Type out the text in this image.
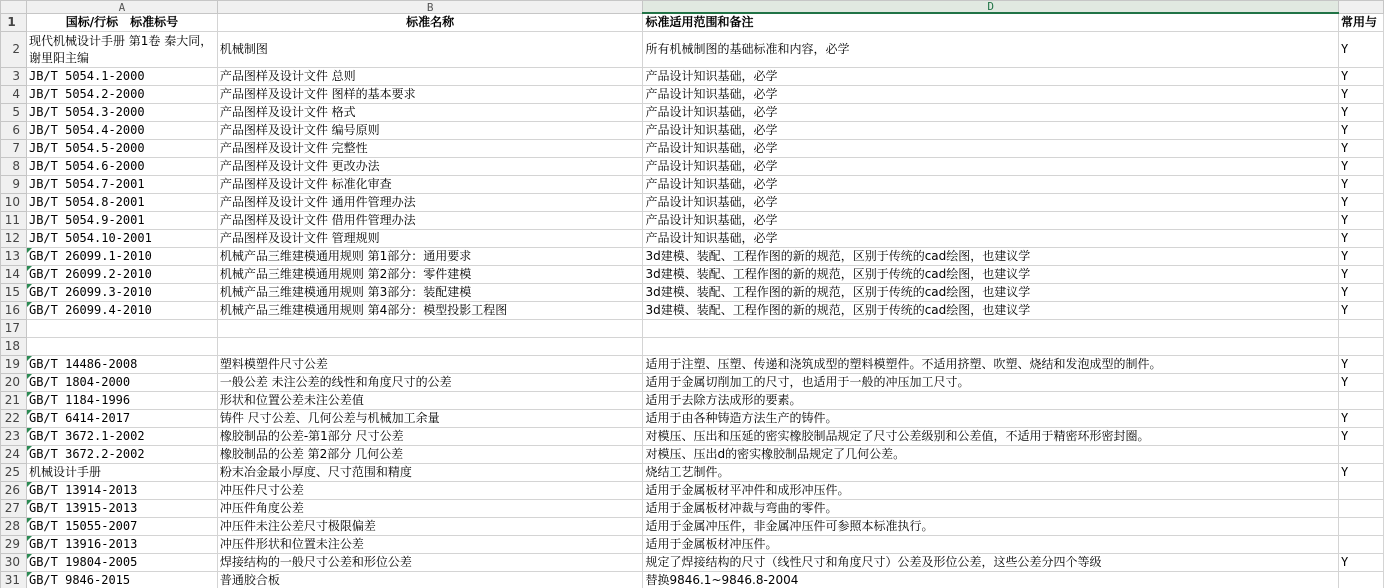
	A	B	D	
1	国标/行标　标准标号	标准名称	标准适用范围和备注	常用与
2	现代机械设计手册 第1卷 秦大同，谢里阳主编	机械制图	所有机械制图的基础标准和内容，必学	Y
3	JB/T 5054.1-2000	产品图样及设计文件 总则	产品设计知识基础，必学	Y
4	JB/T 5054.2-2000	产品图样及设计文件 图样的基本要求	产品设计知识基础，必学	Y
5	JB/T 5054.3-2000	产品图样及设计文件 格式	产品设计知识基础，必学	Y
6	JB/T 5054.4-2000	产品图样及设计文件 编号原则	产品设计知识基础，必学	Y
7	JB/T 5054.5-2000	产品图样及设计文件 完整性	产品设计知识基础，必学	Y
8	JB/T 5054.6-2000	产品图样及设计文件 更改办法	产品设计知识基础，必学	Y
9	JB/T 5054.7-2001	产品图样及设计文件 标准化审查	产品设计知识基础，必学	Y
10	JB/T 5054.8-2001	产品图样及设计文件 通用件管理办法	产品设计知识基础，必学	Y
11	JB/T 5054.9-2001	产品图样及设计文件 借用件管理办法	产品设计知识基础，必学	Y
12	JB/T 5054.10-2001	产品图样及设计文件 管理规则	产品设计知识基础，必学	Y
13	GB/T 26099.1-2010	机械产品三维建模通用规则 第1部分：通用要求	3d建模、装配、工程作图的新的规范，区别于传统的cad绘图，也建议学	Y
14	GB/T 26099.2-2010	机械产品三维建模通用规则 第2部分：零件建模	3d建模、装配、工程作图的新的规范，区别于传统的cad绘图，也建议学	Y
15	GB/T 26099.3-2010	机械产品三维建模通用规则 第3部分：装配建模	3d建模、装配、工程作图的新的规范，区别于传统的cad绘图，也建议学	Y
16	GB/T 26099.4-2010	机械产品三维建模通用规则 第4部分：模型投影工程图	3d建模、装配、工程作图的新的规范，区别于传统的cad绘图，也建议学	Y
17				
18				
19	GB/T 14486-2008	塑料模塑件尺寸公差	适用于注塑、压塑、传递和浇筑成型的塑料模塑件。不适用挤塑、吹塑、烧结和发泡成型的制件。	Y
20	GB/T 1804-2000	一般公差 未注公差的线性和角度尺寸的公差	适用于金属切削加工的尺寸，也适用于一般的冲压加工尺寸。	Y
21	GB/T 1184-1996	形状和位置公差未注公差值	适用于去除方法成形的要素。	
22	GB/T 6414-2017	铸件 尺寸公差、几何公差与机械加工余量	适用于由各种铸造方法生产的铸件。	Y
23	GB/T 3672.1-2002	橡胶制品的公差-第1部分 尺寸公差	对模压、压出和压延的密实橡胶制品规定了尺寸公差级别和公差值，不适用于精密环形密封圈。	Y
24	GB/T 3672.2-2002	橡胶制品的公差 第2部分 几何公差	对模压、压出d的密实橡胶制品规定了几何公差。	
25	机械设计手册	粉末冶金最小厚度、尺寸范围和精度	烧结工艺制件。	Y
26	GB/T 13914-2013	冲压件尺寸公差	适用于金属板材平冲件和成形冲压件。	
27	GB/T 13915-2013	冲压件角度公差	适用于金属板材冲裁与弯曲的零件。	
28	GB/T 15055-2007	冲压件未注公差尺寸极限偏差	适用于金属冲压件，非金属冲压件可参照本标准执行。	
29	GB/T 13916-2013	冲压件形状和位置未注公差	适用于金属板材冲压件。	
30	GB/T 19804-2005	焊接结构的一般尺寸公差和形位公差	规定了焊接结构的尺寸（线性尺寸和角度尺寸）公差及形位公差，这些公差分四个等级	Y
31	GB/T 9846-2015	普通胶合板	替换9846.1~9846.8-2004	
